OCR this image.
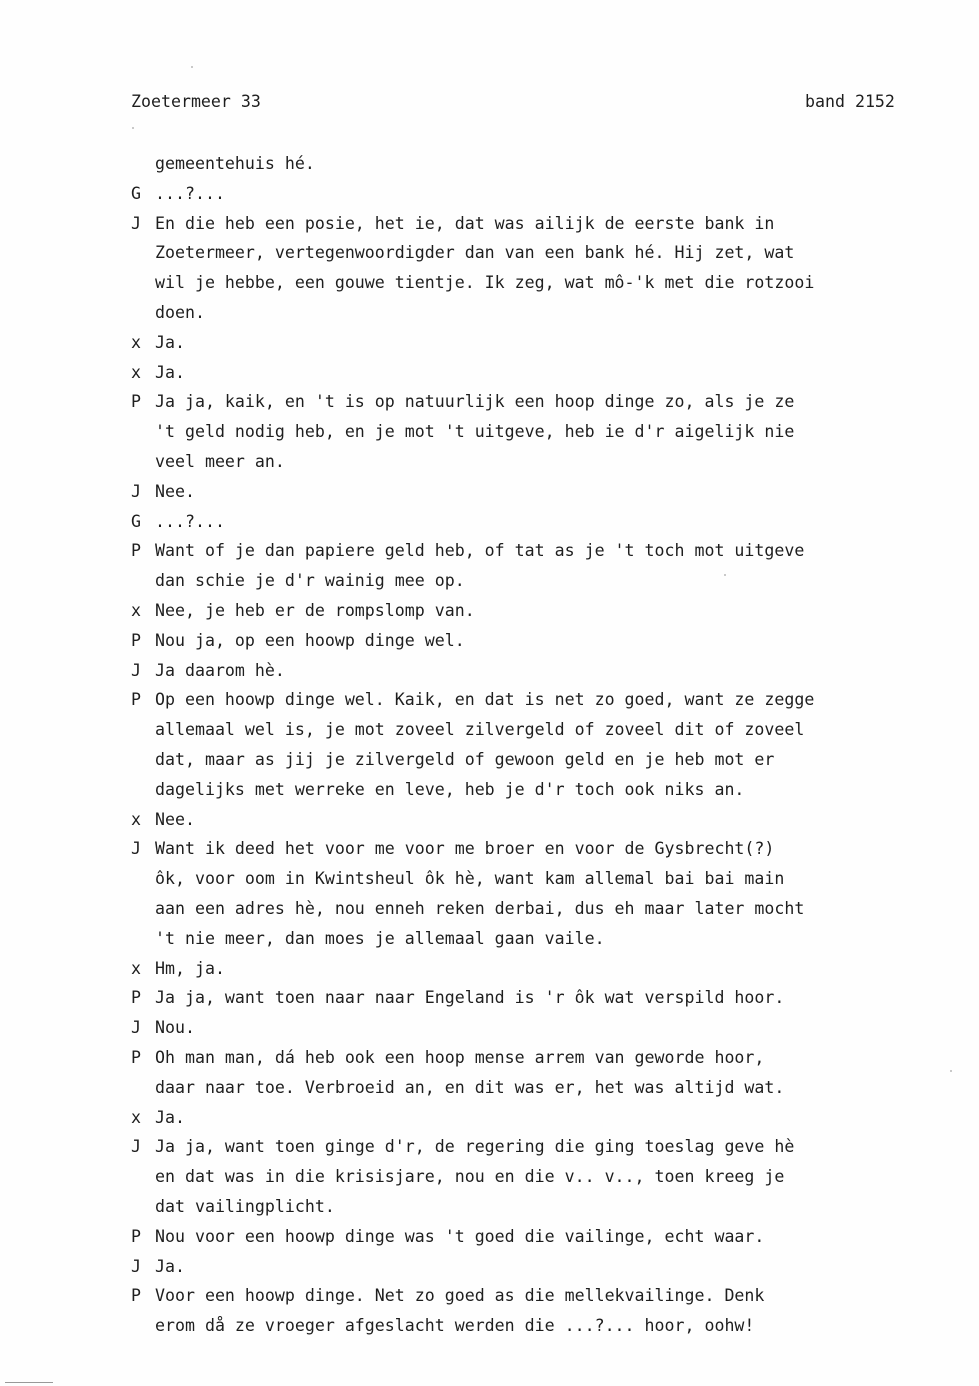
Zoetermeer 33	band 2152
gemeentehuis hé.
G ...?...
J En die heb een posie, het ie, dat was ailijk de eerste bank in
Zoetermeer, vertegenwoordigder dan van een bank hé. Hij zet, wat
wil je hebbe, een gouwe tientje. Ik zeg, wat mô-'k met die rotzooi
doen.
x Ja.
x Ja.
P Ja ja, kaik, en 't is op natuurlijk een hoop dinge zo, als je ze
't geld nodig heb, en je mot 't uitgeve, heb ie d'r aigelijk nie
veel meer an.
J Nee.
G ...?...
P Want of je dan papiere geld heb, of tat as je 't toch mot uitgeve
dan schie je d'r wainig mee op.
x Nee, je heb er de rompslomp van.
P Nou ja, op een hoowp dinge wel.
J Ja daarom hè.
P Op een hoowp dinge wel. Kaik, en dat is net zo goed, want ze zegge
allemaal wel is, je mot zoveel zilvergeld of zoveel dit of zoveel
dat, maar as jij je zilvergeld of gewoon geld en je heb mot er
dagelijks met werreke en leve, heb je d'r toch ook niks an.
x Nee.
J Want ik deed het voor me voor me broer en voor de Gysbrecht(?)
ôk, voor oom in Kwintsheul ôk hè, want kam allemal bai bai main
aan een adres hè, nou enneh reken derbai, dus eh maar later mocht
't nie meer, dan moes je allemaal gaan vaile.
x Hm, ja.
P Ja ja, want toen naar naar Engeland is 'r ôk wat verspild hoor.
J Nou.
P Oh man man, dá heb ook een hoop mense arrem van geworde hoor,
daar naar toe. Verbroeid an, en dit was er, het was altijd wat.
x Ja.
J Ja ja, want toen ginge d'r, de regering die ging toeslag geve hè
en dat was in die krisisjare, nou en die v.. v.., toen kreeg je
dat vailingplicht.
P Nou voor een hoowp dinge was 't goed die vailinge, echt waar.
J Ja.
P Voor een hoowp dinge. Net zo goed as die mellekvailinge. Denk
erom då ze vroeger afgeslacht werden die ...?... hoor, oohw!
